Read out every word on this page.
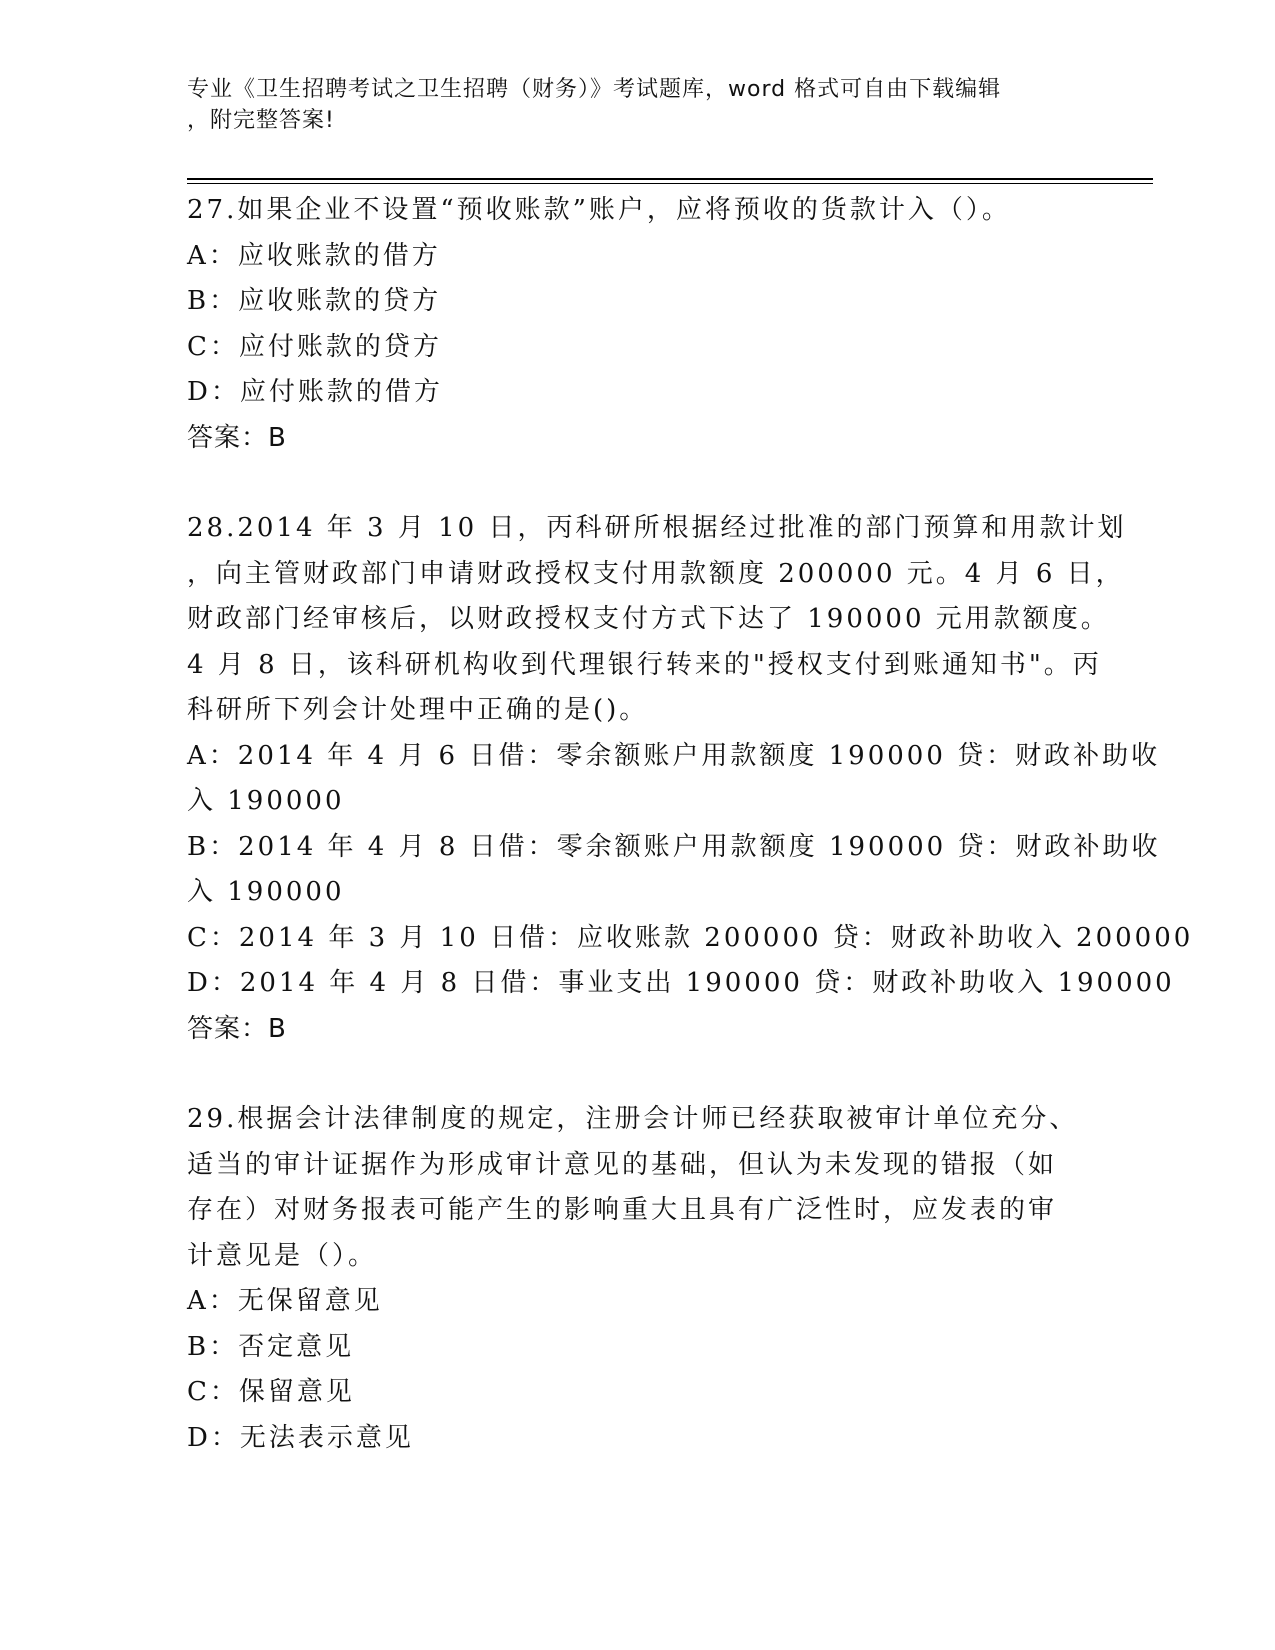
专业《卫生招聘考试之卫生招聘（财务）》考试题库，word 格式可自由下载编辑
，附完整答案!
27.如果企业不设置“预收账款”账户，应将预收的货款计入（）。
A：应收账款的借方
B：应收账款的贷方
C：应付账款的贷方
D：应付账款的借方
答案：B
28.2014 年 3 月 10 日，丙科研所根据经过批准的部门预算和用款计划
，向主管财政部门申请财政授权支付用款额度 200000 元。4 月 6 日，
财政部门经审核后，以财政授权支付方式下达了 190000 元用款额度。
4 月 8 日，该科研机构收到代理银行转来的"授权支付到账通知书"。丙
科研所下列会计处理中正确的是()。
A：2014 年 4 月 6 日借：零余额账户用款额度 190000 贷：财政补助收
入 190000
B：2014 年 4 月 8 日借：零余额账户用款额度 190000 贷：财政补助收
入 190000
C：2014 年 3 月 10 日借：应收账款 200000 贷：财政补助收入 200000
D：2014 年 4 月 8 日借：事业支出 190000 贷：财政补助收入 190000
答案：B
29.根据会计法律制度的规定，注册会计师已经获取被审计单位充分、
适当的审计证据作为形成审计意见的基础，但认为未发现的错报（如
存在）对财务报表可能产生的影响重大且具有广泛性时，应发表的审
计意见是（）。
A：无保留意见
B：否定意见
C：保留意见
D：无法表示意见
